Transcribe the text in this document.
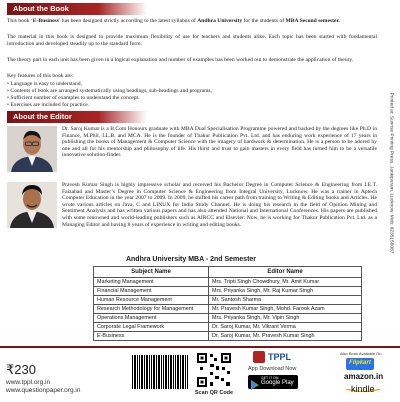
About the Book
This book ‘E-Business’ has been designed strictly according to the latest syllabus of Andhra University for the students of MBA Second semester.
The material in this book is designed to provide maximum flexibility of use for teachers and students alike. Each topic has been started with fundamental introduction and developed steadily up to the standard form.
The theory part in each unit has been given in a logical explanation and number of examples has been worked out to demonstrate the application of theory.
Key features of this book are:
• Language is easy to understand,
• Contents of book are arranged systematically using headings, sub-headings and programs,
• Sufficient number of examples to understand the concept.
• Exercises are included for practice.
About the Editor
Dr. Saroj Kumar is a B.Com Honours graduate with MBA Dual Specialisation Programme powered and backed by the degrees like Ph.D in Finance, M.Phil, LL.B. and MCA. He is the founder of Thakur Publication Pvt. Ltd. and has enduring work experience of 17 years in publishing the books of Management & Computer Science with the imagery of hardwork & determination. He is a person to be adored by one and all for his mentorship and philosophy of life. His thirst and trust to gain masters in every field has turned him to be a versatile innovative solution-finder.
Pravesh Kumar Singh is highly impressive scholar and received his Bachelor Degree in Computer Science & Engineering from I.E.T. Faizabad and Master’s Degree in Computer Science & Engineering from Integral University, Lucknow. He was a trainer in Aptech Computer Education in the year 2007 to 2009. In 2009, he shifted his career path from training to Writing & Editing books and Articles. He wrote various articles on Java, C and LINUX for India Study Channel. He is doing his research in the field of Opinion Mining and Sentiment Analysis and has written various papers and has also attended National and International Conferences. His papers are published with some renowned and world-leading publishers such as AIRCC and Elsevier. Now, he is working for Thakur Publication Pvt. Ltd. as a Managing Editor and having 8 years of experience in writing and editing books.
Andhra University MBA - 2nd Semester
Subject Name	Editor Name
Marketing Management	Mrs. Tripti Singh Chowdhury, Mr. Amit Kumar
Financial Management	Mrs. Priyanka Singh, Mr. Raj Kumar Singh
Human Resource Management	Mr. Santosh Sharma
Research Methodology for Management	Mr. Pravesh Kumar Singh, Mohd. Farook Azam
Operations Management	Mrs. Priyanka Singh, Mr. Vipin Singh
Corporate Legal Framework	Dr. Saroj Kumar, Mr. Vikrant Verma
E-Business	Dr. Saroj Kumar, Mr. Pravesh Kumar Singh
Printed at: Sunrise Printing Press, Jankipuram, Lucknow. Mob: 9235158087
₹230
www.tppl.org.in
www.questionpaper.org.in	Scan QR Code
TPPL
App Download Now
GET IT ON
Google Play
Also Book Available On
Flipkart
amazon.in
kindle
